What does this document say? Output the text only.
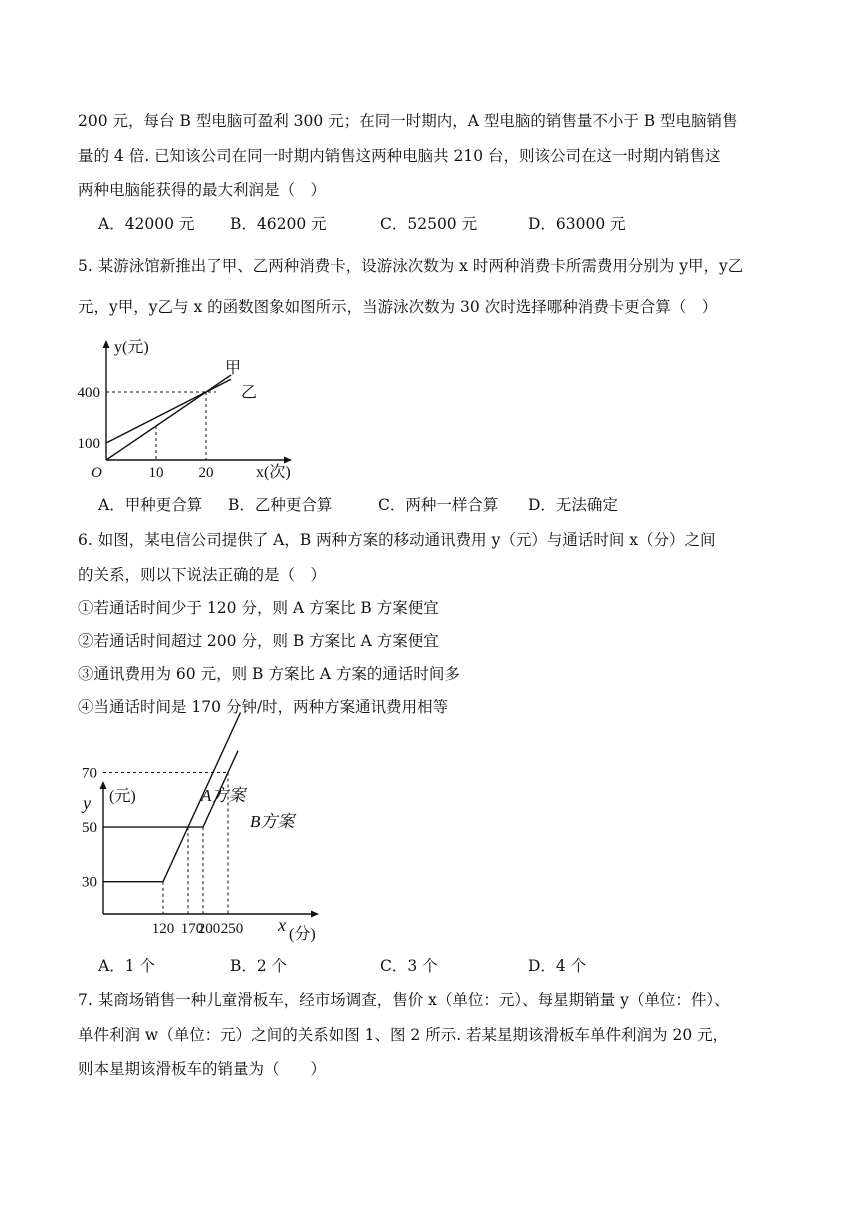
200 元，每台 B 型电脑可盈利 300 元；在同一时期内，A 型电脑的销售量不小于 B 型电脑销售
量的 4 倍. 已知该公司在同一时期内销售这两种电脑共 210 台，则该公司在这一时期内销售这
两种电脑能获得的最大利润是（　）
A．42000 元 B．46200 元	C．52500 元	D．63000 元
5. 某游泳馆新推出了甲、乙两种消费卡，设游泳次数为 x 时两种消费卡所需费用分别为 y甲，y乙
元，y甲，y乙与 x 的函数图象如图所示，当游泳次数为 30 次时选择哪种消费卡更合算（　）
甲
乙
400
100
10 20
O
y(元)
x(次)
A．甲种更合算 B．乙种更合算	C．两种一样合算 D．无法确定
6. 如图，某电信公司提供了 A，B 两种方案的移动通讯费用 y（元）与通话时间 x（分）之间
的关系，则以下说法正确的是（　）
①若通话时间少于 120 分，则 A 方案比 B 方案便宜
②若通话时间超过 200 分，则 B 方案比 A 方案便宜
③通讯费用为 60 元，则 B 方案比 A 方案的通话时间多
④当通话时间是 170 分钟/时，两种方案通讯费用相等
A方案
B方案
30
50
70
120 170
200 250
y (元)
x (分)
A．1 个	B．2 个	C．3 个	D．4 个
7. 某商场销售一种儿童滑板车，经市场调查，售价 x（单位：元）、每星期销量 y（单位：件）、
单件利润 w（单位：元）之间的关系如图 1、图 2 所示. 若某星期该滑板车单件利润为 20 元，
则本星期该滑板车的销量为（　　）
